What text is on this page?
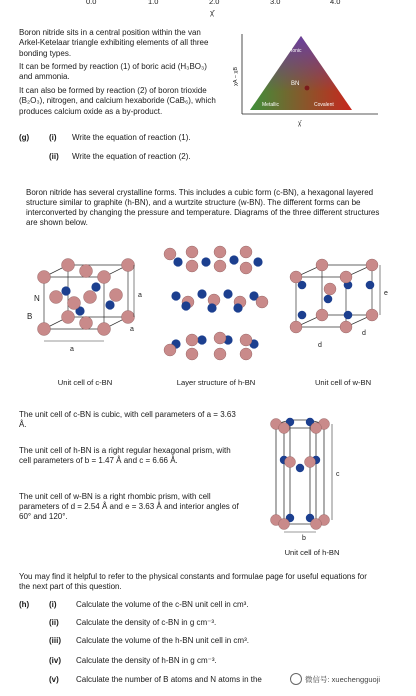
0.0	1.0	2.0	3.0	4.0
χ̄
Boron nitride sits in a central position within the van Arkel-Ketelaar triangle exhibiting elements of all three bonding types.
It can be formed by reaction (1) of boric acid (H₃BO₃) and ammonia.
It can also be formed by reaction (2) of boron trioxide (B₂O₃), nitrogen, and calcium hexaboride (CaB₆), which produces calcium oxide as a by-product.
Ionic
BN
Metallic	Covalent
χA − χB
χ̄
(g)	(i)	Write the equation of reaction (1).
(ii)	Write the equation of reaction (2).
Boron nitride has several crystalline forms. This includes a cubic form (c-BN), a hexagonal layered structure similar to graphite (h-BN), and a wurtzite structure (w-BN). The different forms can be interconverted by changing the pressure and temperature. Diagrams of the three different structures are shown below.
a
a
a
N
B
Unit cell of c-BN	Layer structure of h-BN
e
d
d
Unit cell of w-BN
The unit cell of c-BN is cubic, with cell parameters of a = 3.63 Å.
The unit cell of h-BN is a right regular hexagonal prism, with cell parameters of b = 1.47 Å and c = 6.66 Å.
The unit cell of w-BN is a right rhombic prism, with cell parameters of d = 2.54 Å and e = 3.63 Å and interior angles of 60° and 120°.
c
b
Unit cell of h-BN
You may find it helpful to refer to the physical constants and formulae page for useful equations for the next part of this question.
(h)	(i)	Calculate the volume of the c-BN unit cell in cm³.
(ii)	Calculate the density of c-BN in g cm⁻³.
(iii)	Calculate the volume of the h-BN unit cell in cm³.
(iv)	Calculate the density of h-BN in g cm⁻³.
(v)	Calculate the number of B atoms and N atoms in the	微信号: xuechengguoji
